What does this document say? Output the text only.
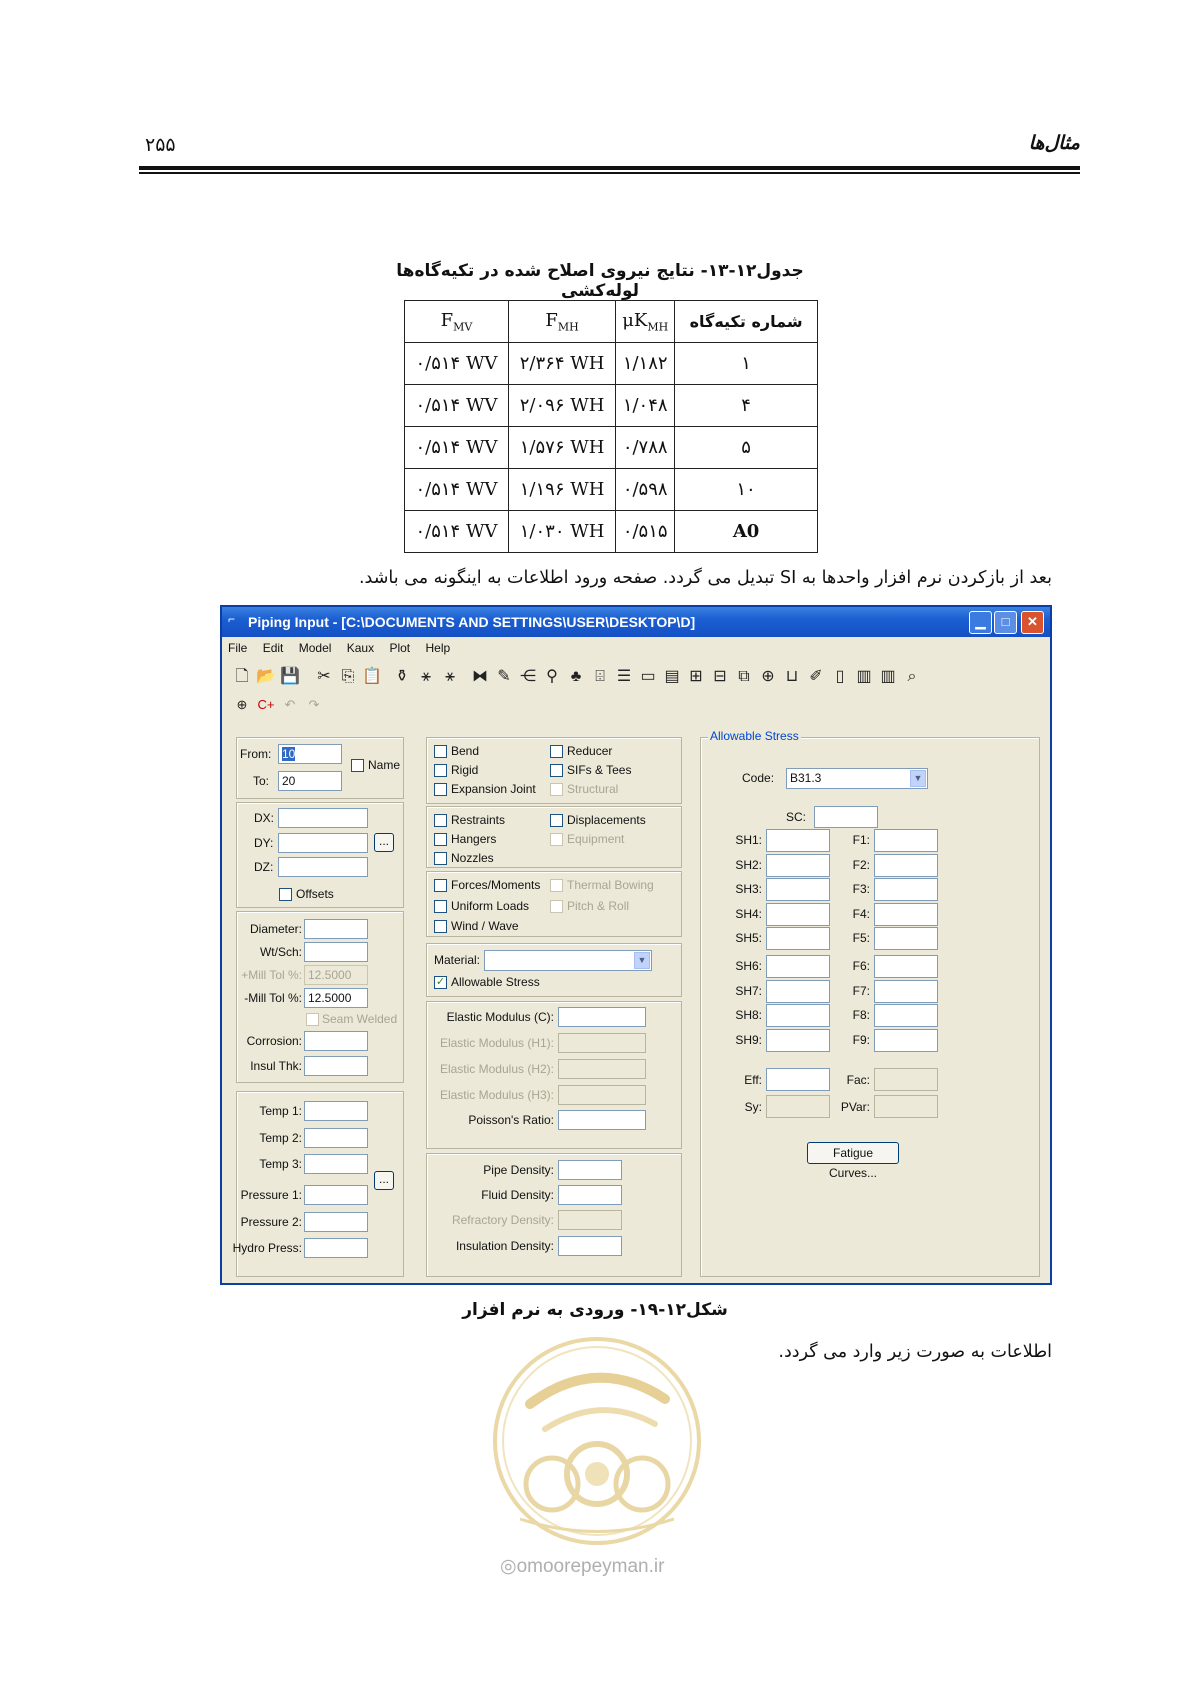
۲۵۵	مثال‌ها
جدول۱۲-۱۳- نتایج نیروی اصلاح شده در تکیه‌گاه‌ها لوله‌کشی
$F_{MV}$	$F_{MH}$	$\mu K_{MH}$	شماره تکیه‌گاه
۰/۵۱۴ WV	۲/۳۶۴ WH	۱/۱۸۲	۱
۰/۵۱۴ WV	۲/۰۹۶ WH	۱/۰۴۸	۴
۰/۵۱۴ WV	۱/۵۷۶ WH	۰/۷۸۸	۵
۰/۵۱۴ WV	۱/۱۹۶ WH	۰/۵۹۸	۱۰
۰/۵۱۴ WV	۱/۰۳۰ WH	۰/۵۱۵	A0
بعد از بازکردن نرم افزار واحدها به SI تبدیل می گردد. صفحه ورود اطلاعات به اینگونه می باشد.
⌐ Piping Input - [C:\DOCUMENTS AND SETTINGS\USER\DESKTOP\D]	▁	□	✕
File Edit Model Kaux Plot Help
🗋 📂 💾 ✂ ⎘ 📋 ⚱ ⚹ ⚹ ⧓ ✎ ⋲ ⚲ ♣ ⌹ ☰ ▭ ▤ ⊞ ⊟ ⧉ ⊕ ⊔ ✐ ▯ ▥ ▥ ⌕
⊕ C+ ↶ ↷
From: 10
To:	20
Name
DX:
DY:	...
DZ:
Offsets
Diameter:
Wt/Sch:
+Mill Tol %: 12.5000
-Mill Tol %: 12.5000
Seam Welded
Corrosion:
Insul Thk:
Temp 1:
Temp 2:
Temp 3:
...
Pressure 1:
Pressure 2:
Hydro Press:
Bend	Reducer
Rigid	SIFs & Tees
Expansion Joint	Structural
Restraints	Displacements
Hangers	Equipment
Nozzles
Forces/Moments Thermal Bowing
Uniform Loads	Pitch & Roll
Wind / Wave
Material:	▼
✓ Allowable Stress
Elastic Modulus (C):
Elastic Modulus (H1):
Elastic Modulus (H2):
Elastic Modulus (H3):
Poisson's Ratio:
Pipe Density:
Fluid Density:
Refractory Density:
Insulation Density:
Allowable Stress
Code:	B31.3	▼
SC:
Eff:	Fac:
Sy:	PVar:
Fatigue Curves...
SH1:	F1:
SH2:	F2:
SH3:	F3:
SH4:	F4:
SH5:	F5:
SH6:	F6:
SH7:	F7:
SH8:	F8:
SH9:	F9:
شکل۱۲-۱۹- ورودی به نرم افزار
اطلاعات به صورت زیر وارد می گردد.
◎omoorepeyman.ir
